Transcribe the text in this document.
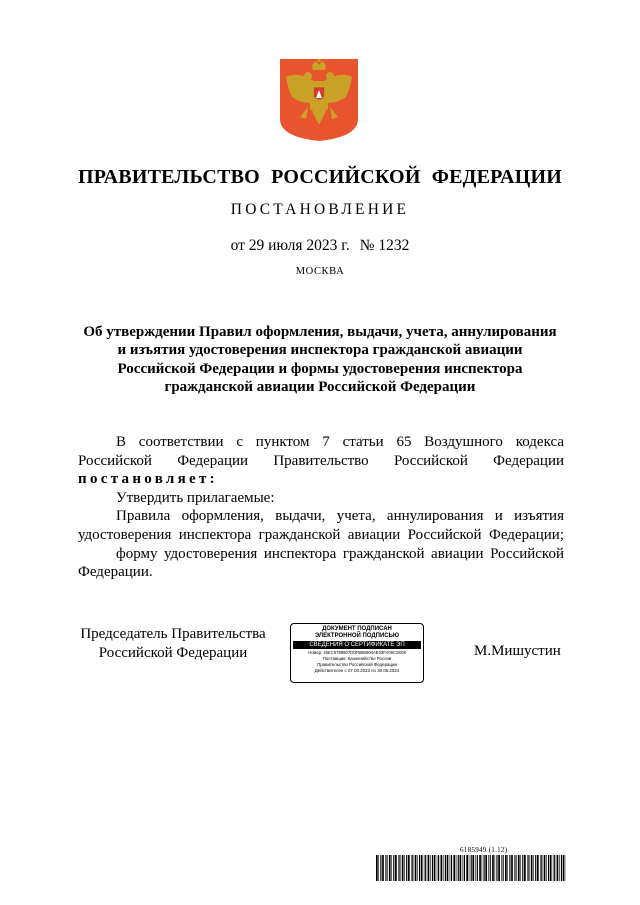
ПРАВИТЕЛЬСТВО РОССИЙСКОЙ ФЕДЕРАЦИИ
ПОСТАНОВЛЕНИЕ
от 29 июля 2023 г. № 1232
МОСКВА
Об утверждении Правил оформления, выдачи, учета, аннулирования и изъятия удостоверения инспектора гражданской авиации Российской Федерации и формы удостоверения инспектора гражданской авиации Российской Федерации

В соответствии с пунктом 7 статьи 65 Воздушного кодекса Российской Федерации Правительство Российской Федерации постановляет:

Утвердить прилагаемые:

Правила оформления, выдачи, учета, аннулирования и изъятия удостоверения инспектора гражданской авиации Российской Федерации;

форму удостоверения инспектора гражданской авиации Российской Федерации.

Председатель Правительства
Российской Федерации
ДОКУМЕНТ ПОДПИСАН
ЭЛЕКТРОННОЙ ПОДПИСЬЮ
СВЕДЕНИЯ О СЕРТИФИКАТЕ ЭП
Номер: 40EC5788807D0F8BB904AE03FA09C2E08
Поставщик: Казначейство России
Правительство Российской Федерации
Действителен с 07.03.2023 по 30.05.2024
М.Мишустин
6185949 (1.12)
